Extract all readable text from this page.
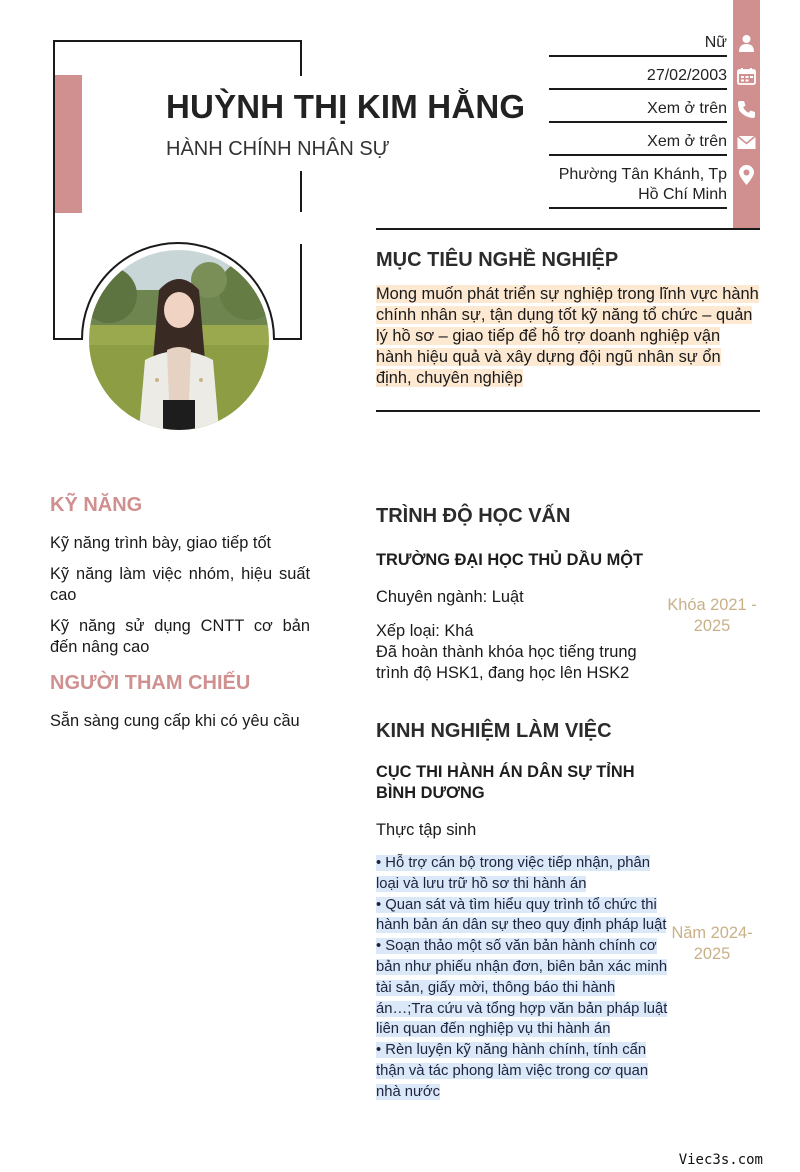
HUỲNH THỊ KIM HẰNG
HÀNH CHÍNH NHÂN SỰ
Nữ
27/02/2003
Xem ở trên
Xem ở trên
Phường Tân Khánh, Tp
Hồ Chí Minh
MỤC TIÊU NGHỀ NGHIỆP
Mong muốn phát triển sự nghiệp trong lĩnh vực hành chính nhân sự, tận dụng tốt kỹ năng tổ chức – quản lý hồ sơ – giao tiếp để hỗ trợ doanh nghiệp vận hành hiệu quả và xây dựng đội ngũ nhân sự ổn định, chuyên nghiệp
KỸ NĂNG
Kỹ năng trình bày, giao tiếp tốt
Kỹ năng làm việc nhóm, hiệu suất cao
Kỹ năng sử dụng CNTT cơ bản đến nâng cao
NGƯỜI THAM CHIẾU
Sẵn sàng cung cấp khi có yêu cầu
TRÌNH ĐỘ HỌC VẤN
TRƯỜNG ĐẠI HỌC THỦ DẦU MỘT
Chuyên ngành: Luật
Xếp loại: Khá
Đã hoàn thành khóa học tiếng trung trình độ HSK1, đang học lên HSK2
Khóa 2021 - 2025
KINH NGHIỆM LÀM VIỆC
CỤC THI HÀNH ÁN DÂN SỰ TỈNH BÌNH DƯƠNG
Thực tập sinh
Năm 2024-2025
• Hỗ trợ cán bộ trong việc tiếp nhận, phân loại và lưu trữ hồ sơ thi hành án
• Quan sát và tìm hiểu quy trình tổ chức thi hành bản án dân sự theo quy định pháp luật
• Soạn thảo một số văn bản hành chính cơ bản như phiếu nhận đơn, biên bản xác minh tài sản, giấy mời, thông báo thi hành án…;Tra cứu và tổng hợp văn bản pháp luật liên quan đến nghiệp vụ thi hành án
• Rèn luyện kỹ năng hành chính, tính cẩn thận và tác phong làm việc trong cơ quan nhà nước
Viec3s.com
